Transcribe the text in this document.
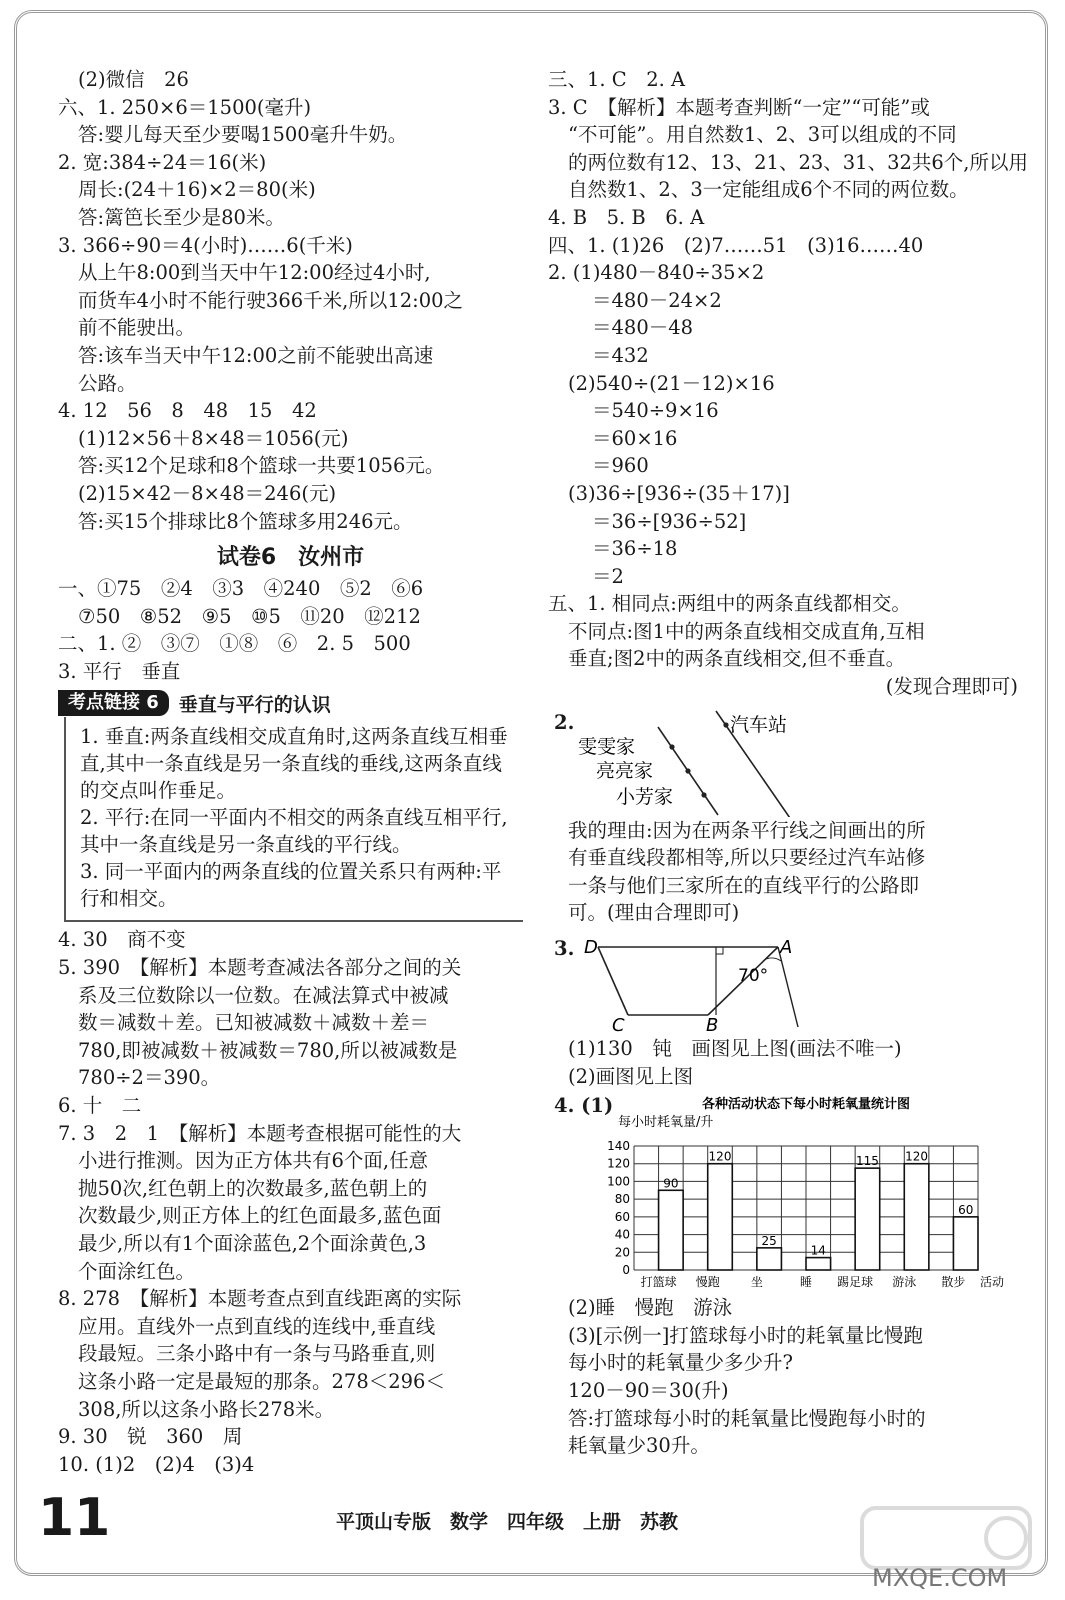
(2)微信　26
六、1. 250×6＝1500(毫升)
答:婴儿每天至少要喝1500毫升牛奶。
2. 宽:384÷24＝16(米)
周长:(24＋16)×2＝80(米)
答:篱笆长至少是80米。
3. 366÷90＝4(小时)……6(千米)
从上午8:00到当天中午12:00经过4小时,
而货车4小时不能行驶366千米,所以12:00之
前不能驶出。
答:该车当天中午12:00之前不能驶出高速
公路。
4. 12　56　8　48　15　42
(1)12×56＋8×48＝1056(元)
答:买12个足球和8个篮球一共要1056元。
(2)15×42－8×48＝246(元)
答:买15个排球比8个篮球多用246元。
试卷6　汝州市
一、①75　②4　③3　④240　⑤2　⑥6
⑦50　⑧52　⑨5　⑩5　⑪20　⑫212
二、1. ②　③⑦　①⑧　⑥　2. 5　500
3. 平行　垂直
考点链接 6	垂直与平行的认识
1. 垂直:两条直线相交成直角时,这两条直线互相垂直,其中一条直线是另一条直线的垂线,这两条直线的交点叫作垂足。
2. 平行:在同一平面内不相交的两条直线互相平行,其中一条直线是另一条直线的平行线。
3. 同一平面内的两条直线的位置关系只有两种:平行和相交。
4. 30　商不变
5. 390　【解析】本题考查减法各部分之间的关
系及三位数除以一位数。在减法算式中被减
数＝减数＋差。已知被减数＋减数＋差＝
780,即被减数＋被减数＝780,所以被减数是
780÷2＝390。
6. 十　二
7. 3　2　1　【解析】本题考查根据可能性的大
小进行推测。因为正方体共有6个面,任意
抛50次,红色朝上的次数最多,蓝色朝上的
次数最少,则正方体上的红色面最多,蓝色面
最少,所以有1个面涂蓝色,2个面涂黄色,3
个面涂红色。
8. 278　【解析】本题考查点到直线距离的实际
应用。直线外一点到直线的连线中,垂直线
段最短。三条小路中有一条与马路垂直,则
这条小路一定是最短的那条。278＜296＜
308,所以这条小路长278米。
9. 30　锐　360　周
10. (1)2　(2)4　(3)4
三、1. C　2. A
3. C　【解析】本题考查判断“一定”“可能”或
“不可能”。用自然数1、2、3可以组成的不同
的两位数有12、13、21、23、31、32共6个,所以用
自然数1、2、3一定能组成6个不同的两位数。
4. B　5. B　6. A
四、1. (1)26　(2)7……51　(3)16……40
2. (1)480－840÷35×2
＝480－24×2
＝480－48
＝432
(2)540÷(21－12)×16
＝540÷9×16
＝60×16
＝960
(3)36÷[936÷(35＋17)]
＝36÷[936÷52]
＝36÷18
＝2
五、1. 相同点:两组中的两条直线都相交。
不同点:图1中的两条直线相交成直角,互相
垂直;图2中的两条直线相交,但不垂直。
(发现合理即可)
2.
雯雯家
亮亮家
小芳家
汽车站
我的理由:因为在两条平行线之间画出的所
有垂直线段都相等,所以只要经过汽车站修
一条与他们三家所在的直线平行的公路即
可。(理由合理即可)
3. D	A
C	B
70°
(1)130　钝　画图见上图(画法不唯一)
(2)画图见上图
4. (1)	各种活动状态下每小时耗氧量统计图
每小时耗氧量/升
0
20
40
60
80
100
120
140
90
打篮球
120
慢跑
25
坐
14
睡
115
踢足球
120
游泳
60
散步 活动
(2)睡　慢跑　游泳
(3)[示例一]打篮球每小时的耗氧量比慢跑
每小时的耗氧量少多少升?
120－90＝30(升)
答:打篮球每小时的耗氧量比慢跑每小时的
耗氧量少30升。
11	平顶山专版　数学　四年级　上册　苏教
MXQE.COM
